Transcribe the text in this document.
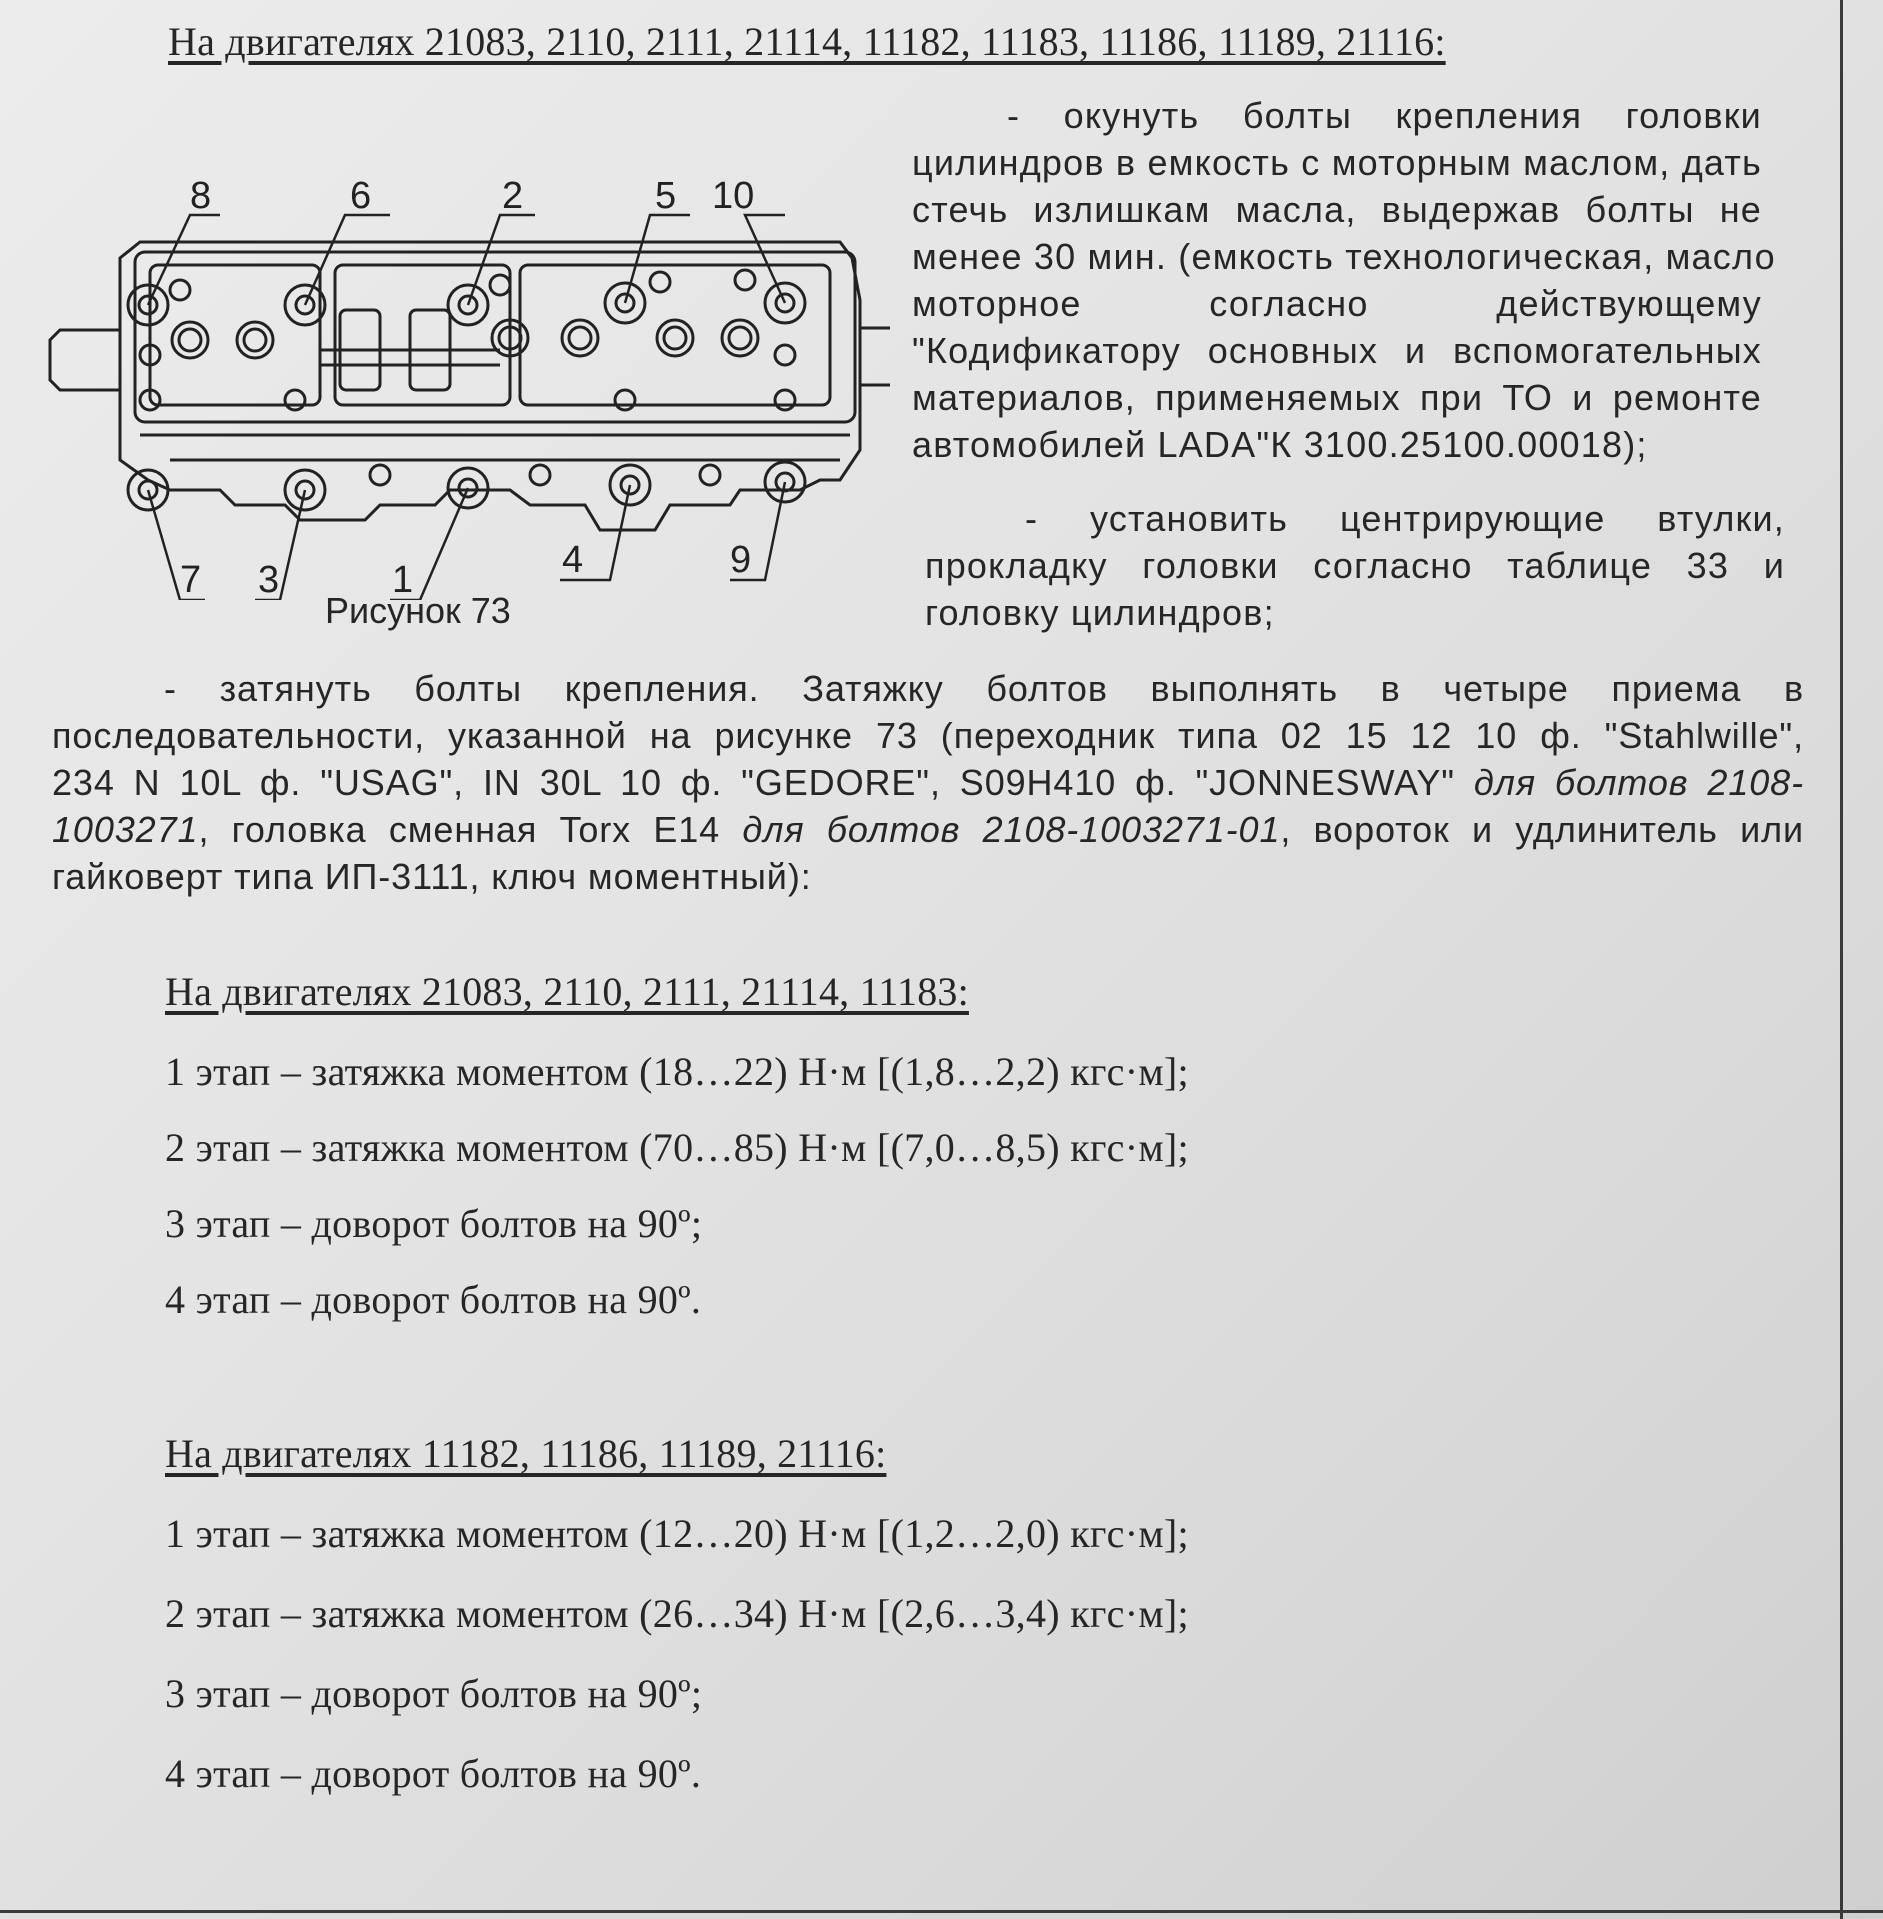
На двигателях 21083, 2110, 2111, 21114, 11182, 11183, 11186, 11189, 21116:
8	6	2	5 10
7 3	1	4	9
Рисунок 73
- окунуть болты крепления головки
цилиндров в емкость с моторным маслом, дать
стечь излишкам масла, выдержав болты не
менее 30 мин. (емкость технологическая, масло
моторное согласно действующему
"Кодификатору основных и вспомогательных
материалов, применяемых при ТО и ремонте
автомобилей LADA"К 3100.25100.00018);
- установить центрирующие втулки,
прокладку головки согласно таблице 33 и
головку цилиндров;
- затянуть болты крепления. Затяжку болтов выполнять в четыре приема в
последовательности, указанной на рисунке 73 (переходник типа 02 15 12 10 ф. "Stahlwille",
234 N 10L ф. "USAG", IN 30L 10 ф. "GEDORE", S09H410 ф. "JONNESWAY" для болтов 2108-
1003271, головка сменная Torx E14 для болтов 2108-1003271-01, вороток и удлинитель или
гайковерт типа ИП-3111, ключ моментный):
На двигателях 21083, 2110, 2111, 21114, 11183:
1 этап – затяжка моментом (18…22) Н·м [(1,8…2,2) кгс·м];
2 этап – затяжка моментом (70…85) Н·м [(7,0…8,5) кгс·м];
3 этап – доворот болтов на 90º;
4 этап – доворот болтов на 90º.
На двигателях 11182, 11186, 11189, 21116:
1 этап – затяжка моментом (12…20) Н·м [(1,2…2,0) кгс·м];
2 этап – затяжка моментом (26…34) Н·м [(2,6…3,4) кгс·м];
3 этап – доворот болтов на 90º;
4 этап – доворот болтов на 90º.
